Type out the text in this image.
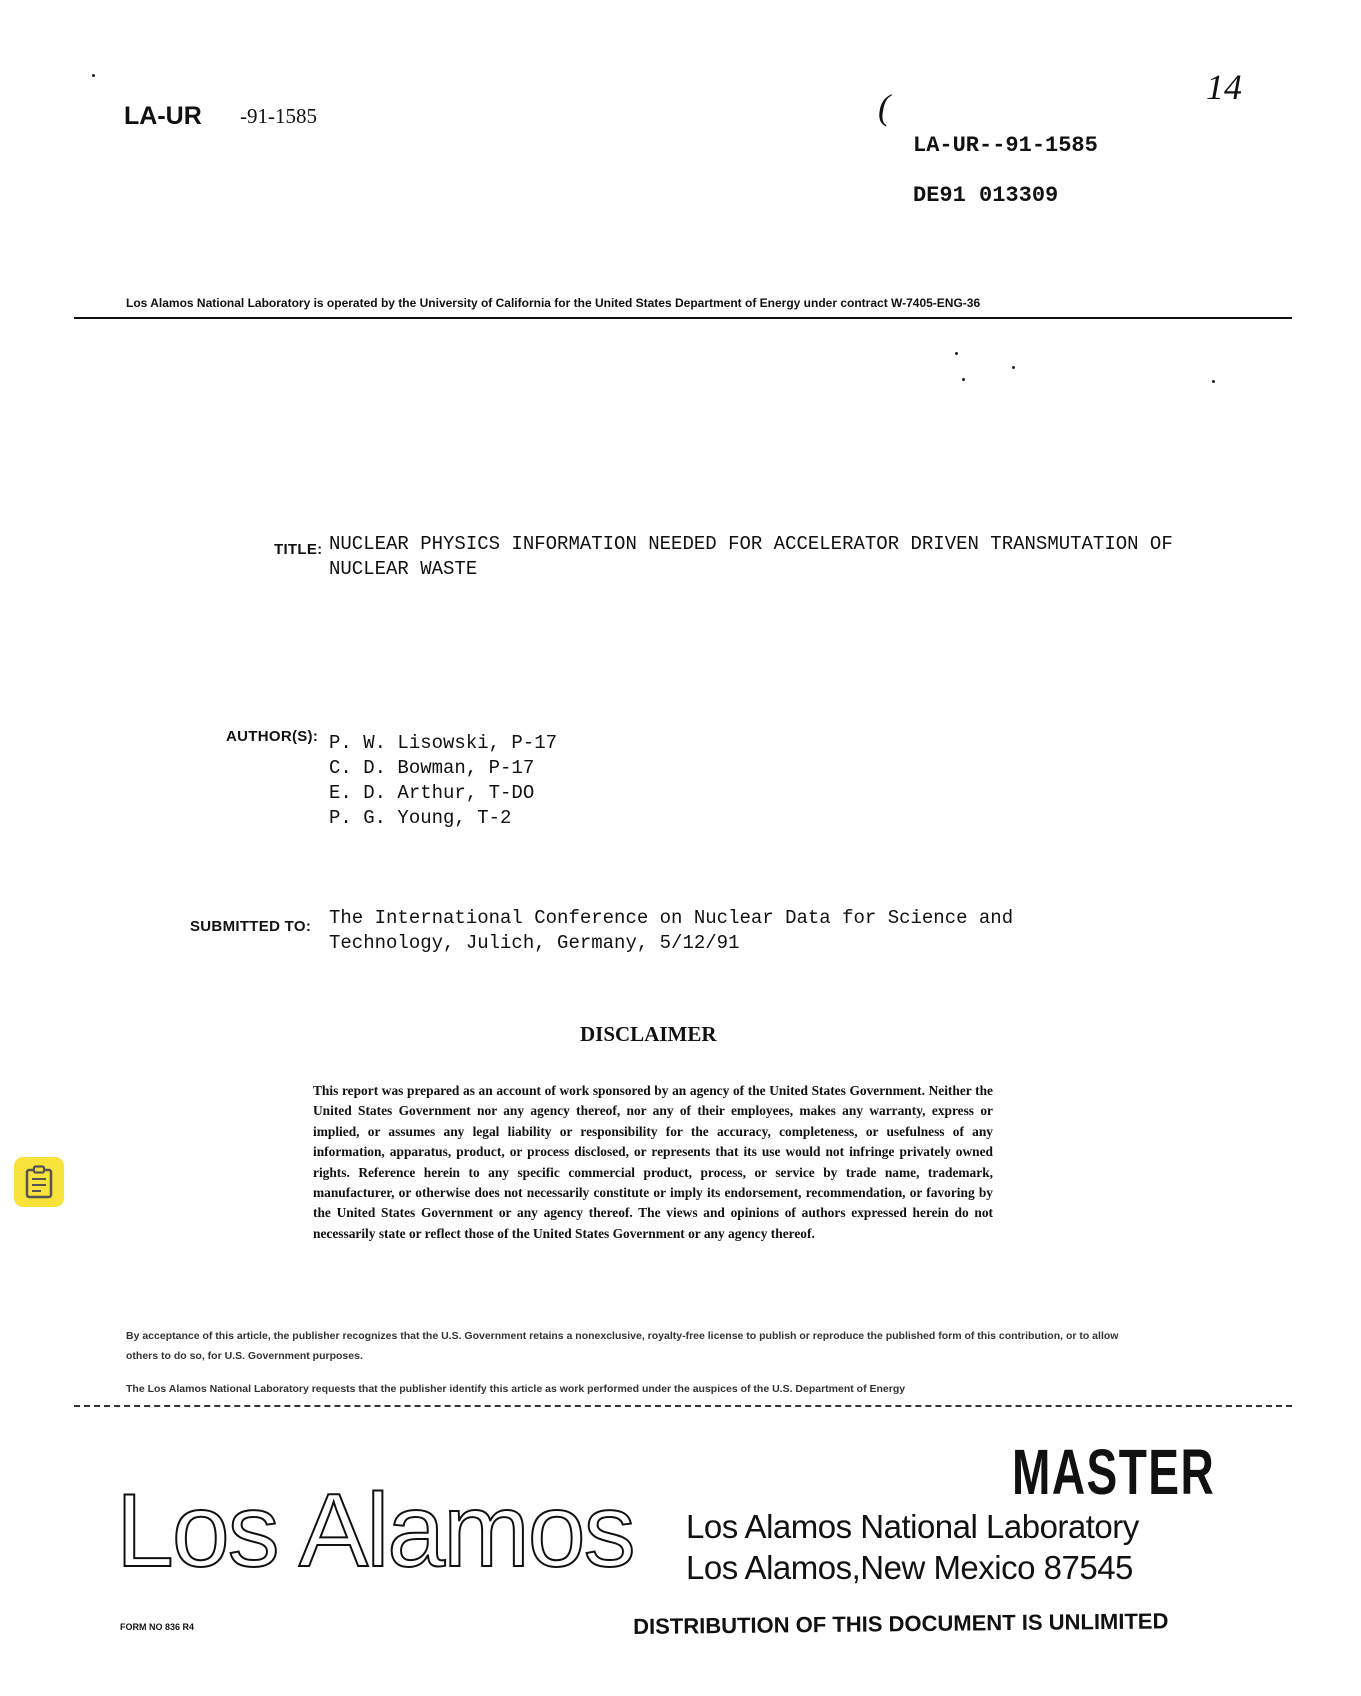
LA-UR -91-1585	(	14
LA-UR--91-1585
DE91 013309
Los Alamos National Laboratory is operated by the University of California for the United States Department of Energy under contract W-7405-ENG-36
TITLE: NUCLEAR PHYSICS INFORMATION NEEDED FOR ACCELERATOR DRIVEN TRANSMUTATION OF NUCLEAR WASTE
AUTHOR(S): P. W. Lisowski, P-17
C. D. Bowman, P-17
E. D. Arthur, T-DO
P. G. Young, T-2
SUBMITTED TO: The International Conference on Nuclear Data for Science and Technology, Julich, Germany, 5/12/91
DISCLAIMER
This report was prepared as an account of work sponsored by an agency of the United States Government. Neither the United States Government nor any agency thereof, nor any of their employees, makes any warranty, express or implied, or assumes any legal liability or responsibility for the accuracy, completeness, or usefulness of any information, apparatus, product, or process disclosed, or represents that its use would not infringe privately owned rights. Reference herein to any specific commercial product, process, or service by trade name, trademark, manufacturer, or otherwise does not necessarily constitute or imply its endorsement, recommendation, or favoring by the United States Government or any agency thereof. The views and opinions of authors expressed herein do not necessarily state or reflect those of the United States Government or any agency thereof.
By acceptance of this article, the publisher recognizes that the U.S. Government retains a nonexclusive, royalty-free license to publish or reproduce the published form of this contribution, or to allow others to do so, for U.S. Government purposes.
The Los Alamos National Laboratory requests that the publisher identify this article as work performed under the auspices of the U.S. Department of Energy
MASTER
Los Alamos Los Alamos National Laboratory
Los Alamos,New Mexico 87545
FORM NO 836 R4	DISTRIBUTION OF THIS DOCUMENT IS UNLIMITED
